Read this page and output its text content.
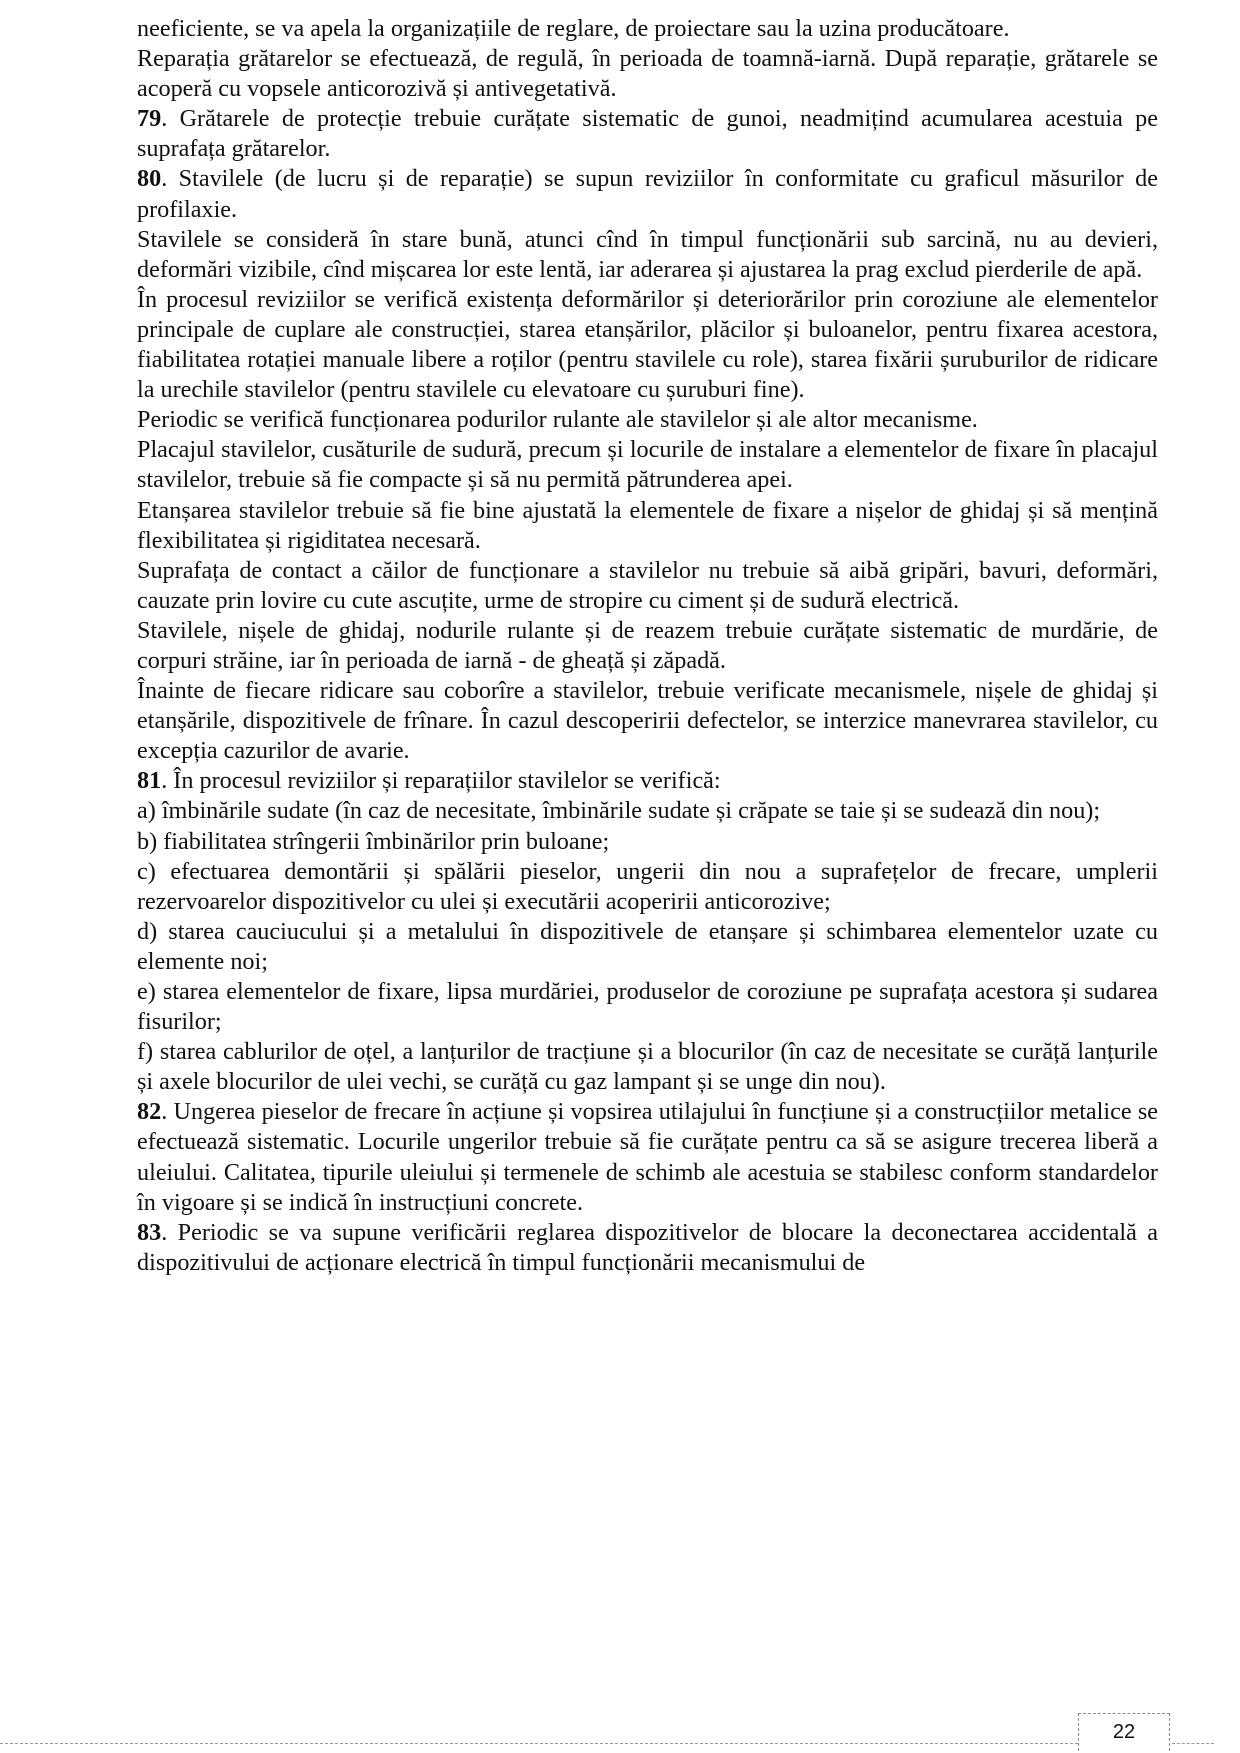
neeficiente, se va apela la organizațiile de reglare, de proiectare sau la uzina producătoare.

Reparația grătarelor se efectuează, de regulă, în perioada de toamnă-iarnă. După reparație, grătarele se acoperă cu vopsele anticorozivă și antivegetativă.

79. Grătarele de protecție trebuie curățate sistematic de gunoi, neadmițind acumularea acestuia pe suprafața grătarelor.

80. Stavilele (de lucru și de reparație) se supun reviziilor în conformitate cu graficul măsurilor de profilaxie.

Stavilele se consideră în stare bună, atunci cînd în timpul funcționării sub sarcină, nu au devieri, deformări vizibile, cînd mișcarea lor este lentă, iar aderarea și ajustarea la prag exclud pierderile de apă.

În procesul reviziilor se verifică existența deformărilor și deteriorărilor prin coroziune ale elementelor principale de cuplare ale construcției, starea etanșărilor, plăcilor și buloanelor, pentru fixarea acestora, fiabilitatea rotației manuale libere a roților (pentru stavilele cu role), starea fixării șuruburilor de ridicare la urechile stavilelor (pentru stavilele cu elevatoare cu șuruburi fine).

Periodic se verifică funcționarea podurilor rulante ale stavilelor și ale altor mecanisme.

Placajul stavilelor, cusăturile de sudură, precum și locurile de instalare a elementelor de fixare în placajul stavilelor, trebuie să fie compacte și să nu permită pătrunderea apei.

Etanșarea stavilelor trebuie să fie bine ajustată la elementele de fixare a nișelor de ghidaj și să mențină flexibilitatea și rigiditatea necesară.

Suprafața de contact a căilor de funcționare a stavilelor nu trebuie să aibă gripări, bavuri, deformări, cauzate prin lovire cu cute ascuțite, urme de stropire cu ciment și de sudură electrică.

Stavilele, nișele de ghidaj, nodurile rulante și de reazem trebuie curățate sistematic de murdărie, de corpuri străine, iar în perioada de iarnă - de gheață și zăpadă.

Înainte de fiecare ridicare sau coborîre a stavilelor, trebuie verificate mecanismele, nișele de ghidaj și etanșările, dispozitivele de frînare. În cazul descoperirii defectelor, se interzice manevrarea stavilelor, cu excepția cazurilor de avarie.

81. În procesul reviziilor și reparațiilor stavilelor se verifică:

a) îmbinările sudate (în caz de necesitate, îmbinările sudate și crăpate se taie și se sudează din nou);

b) fiabilitatea strîngerii îmbinărilor prin buloane;

c) efectuarea demontării și spălării pieselor, ungerii din nou a suprafețelor de frecare, umplerii rezervoarelor dispozitivelor cu ulei și executării acoperirii anticorozive;

d) starea cauciucului și a metalului în dispozitivele de etanșare și schimbarea elementelor uzate cu elemente noi;

e) starea elementelor de fixare, lipsa murdăriei, produselor de coroziune pe suprafața acestora și sudarea fisurilor;

f) starea cablurilor de oțel, a lanțurilor de tracțiune și a blocurilor (în caz de necesitate se curăță lanțurile și axele blocurilor de ulei vechi, se curăță cu gaz lampant și se unge din nou).

82. Ungerea pieselor de frecare în acțiune și vopsirea utilajului în funcțiune și a construcțiilor metalice se efectuează sistematic. Locurile ungerilor trebuie să fie curățate pentru ca să se asigure trecerea liberă a uleiului. Calitatea, tipurile uleiului și termenele de schimb ale acestuia se stabilesc conform standardelor în vigoare și se indică în instrucțiuni concrete.

83. Periodic se va supune verificării reglarea dispozitivelor de blocare la deconectarea accidentală a dispozitivului de acționare electrică în timpul funcționării mecanismului de

22
